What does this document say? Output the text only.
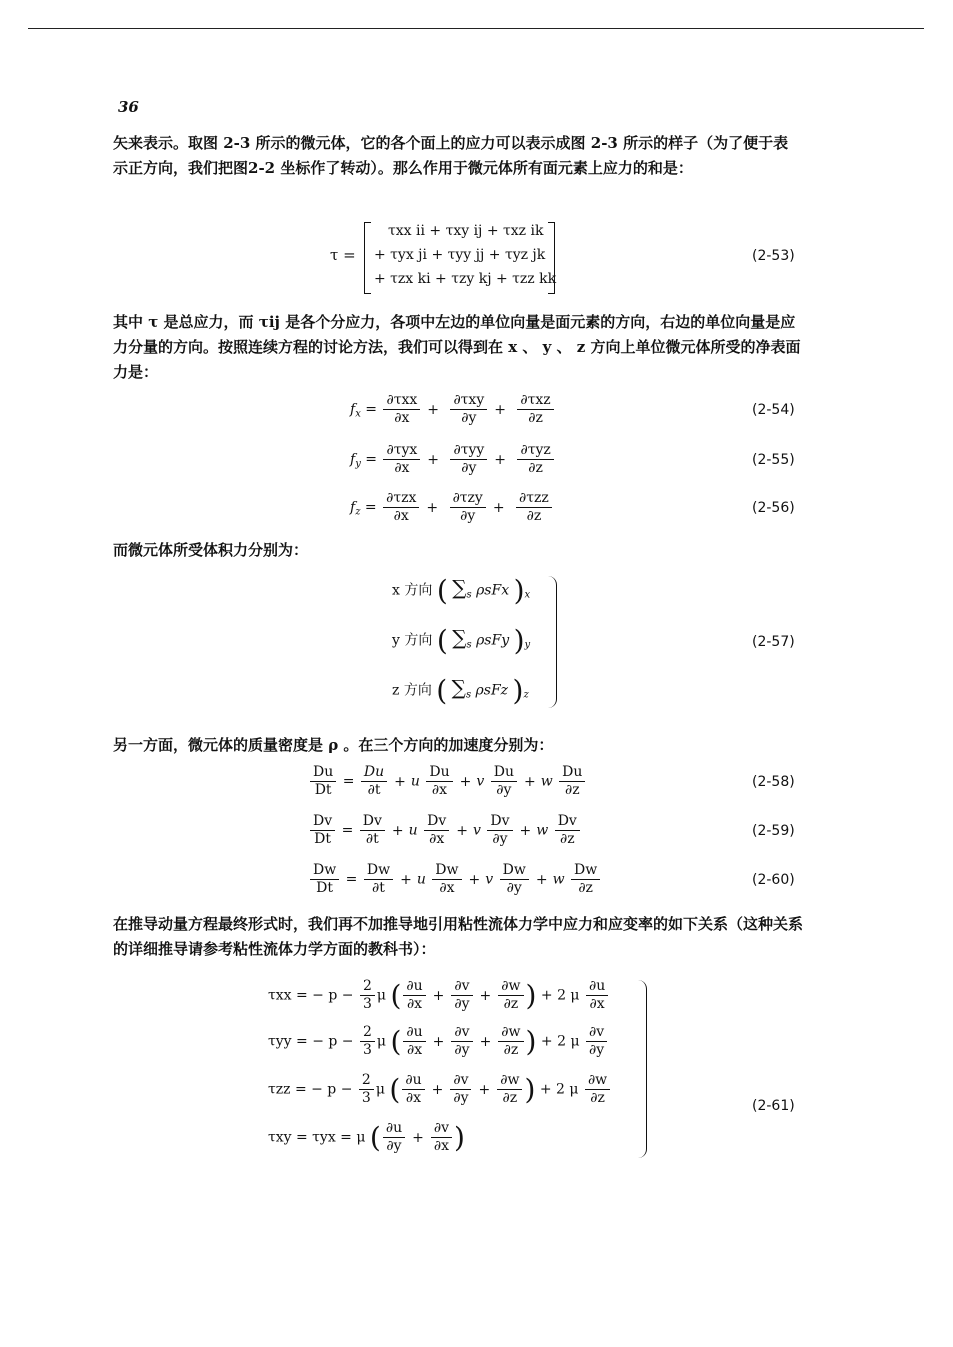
36
矢来表示。取图 2-3 所示的微元体，它的各个面上的应力可以表示成图 2-3 所示的样子（为了便于表示正方向，我们把图2-2 坐标作了转动）。那么作用于微元体所有面元素上应力的和是：
τ =
τxx ii + τxy ij + τxz ik
+ τyx ji + τyy jj + τyz jk
+ τzx ki + τzy kj + τzz kk
(2-53)
其中 τ 是总应力，而 τij 是各个分应力，各项中左边的单位向量是面元素的方向，右边的单位向量是应力分量的方向。按照连续方程的讨论方法，我们可以得到在 x 、 y 、 z 方向上单位微元体所受的净表面力是：
$f_x = \frac{\text{∂τxx}}{\partial x} + \frac{\text{∂τxy}}{\partial y} + \frac{\text{∂τxz}}{\partial z}$	(2-54)
$f_y = \frac{\text{∂τyx}}{\partial x} + \frac{\text{∂τyy}}{\partial y} + \frac{\text{∂τyz}}{\partial z}$	(2-55)
$f_z = \frac{\text{∂τzx}}{\partial x} + \frac{\text{∂τzy}}{\partial y} + \frac{\text{∂τzz}}{\partial z}$	(2-56)
而微元体所受体积力分别为：
x 方向 ( $\sum_s$ ρsFx )$_x$
y 方向 ( $\sum_s$ ρsFy )$_y$
z 方向 ( $\sum_s$ ρsFz )$_z$
(2-57)
另一方面，微元体的质量密度是 ρ 。在三个方向的加速度分别为：
$\frac{Du}{Dt} = \frac{Du}{\partial t} + u \frac{Du}{\partial x} + v \frac{Du}{\partial y} + w \frac{Du}{\partial z}$	(2-58)
$\frac{Dv}{Dt} = \frac{Dv}{\partial t} + u \frac{Dv}{\partial x} + v \frac{Dv}{\partial y} + w \frac{Dv}{\partial z}$	(2-59)
$\frac{Dw}{Dt} = \frac{Dw}{\partial t} + u \frac{Dw}{\partial x} + v \frac{Dw}{\partial y} + w \frac{Dw}{\partial z}$	(2-60)
在推导动量方程最终形式时，我们再不加推导地引用粘性流体力学中应力和应变率的如下关系（这种关系的详细推导请参考粘性流体力学方面的教科书）：
τxx = − $p - \frac{2}{3}$ μ ( $\frac{\partial u}{\partial x} + \frac{\partial v}{\partial y} + \frac{\partial w}{\partial z}$ ) + 2 μ $\frac{\partial u}{\partial x}$
τyy = − $p - \frac{2}{3}$ μ ( $\frac{\partial u}{\partial x} + \frac{\partial v}{\partial y} + \frac{\partial w}{\partial z}$ ) + 2 μ $\frac{\partial v}{\partial y}$
τzz = − $p - \frac{2}{3}$ μ ( $\frac{\partial u}{\partial x} + \frac{\partial v}{\partial y} + \frac{\partial w}{\partial z}$ ) + 2 μ $\frac{\partial w}{\partial z}$
τxy = τyx = μ ( $\frac{\partial u}{\partial y} + \frac{\partial v}{\partial x}$ )
(2-61)
